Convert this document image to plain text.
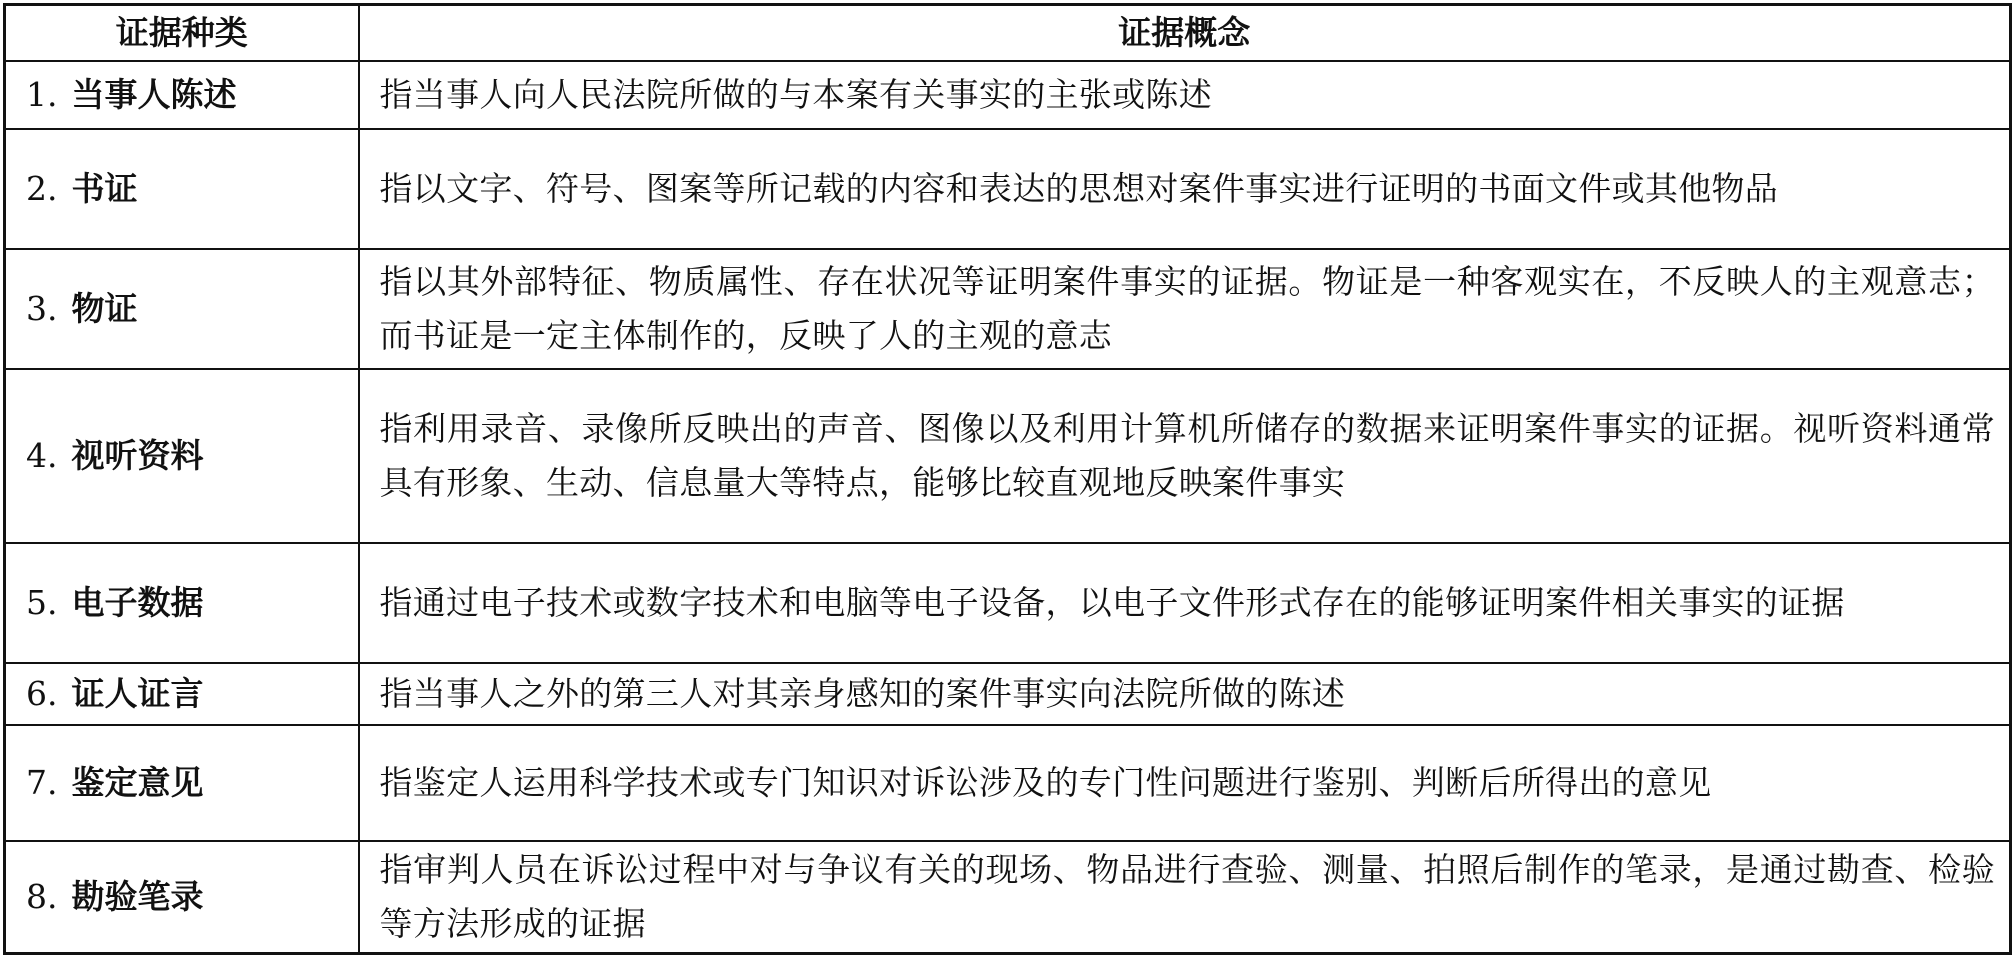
证据种类	证据概念
1. 当事人陈述	指当事人向人民法院所做的与本案有关事实的主张或陈述
2. 书证	指以文字、符号、图案等所记载的内容和表达的思想对案件事实进行证明的书面文件或其他物品
3. 物证	指以其外部特征、物质属性、存在状况等证明案件事实的证据。物证是一种客观实在，不反映人的主观意志；而书证是一定主体制作的，反映了人的主观的意志
4. 视听资料	指利用录音、录像所反映出的声音、图像以及利用计算机所储存的数据来证明案件事实的证据。视听资料通常具有形象、生动、信息量大等特点，能够比较直观地反映案件事实
5. 电子数据	指通过电子技术或数字技术和电脑等电子设备，以电子文件形式存在的能够证明案件相关事实的证据
6. 证人证言	指当事人之外的第三人对其亲身感知的案件事实向法院所做的陈述
7. 鉴定意见	指鉴定人运用科学技术或专门知识对诉讼涉及的专门性问题进行鉴别、判断后所得出的意见
8. 勘验笔录	指审判人员在诉讼过程中对与争议有关的现场、物品进行查验、测量、拍照后制作的笔录，是通过勘查、检验等方法形成的证据
